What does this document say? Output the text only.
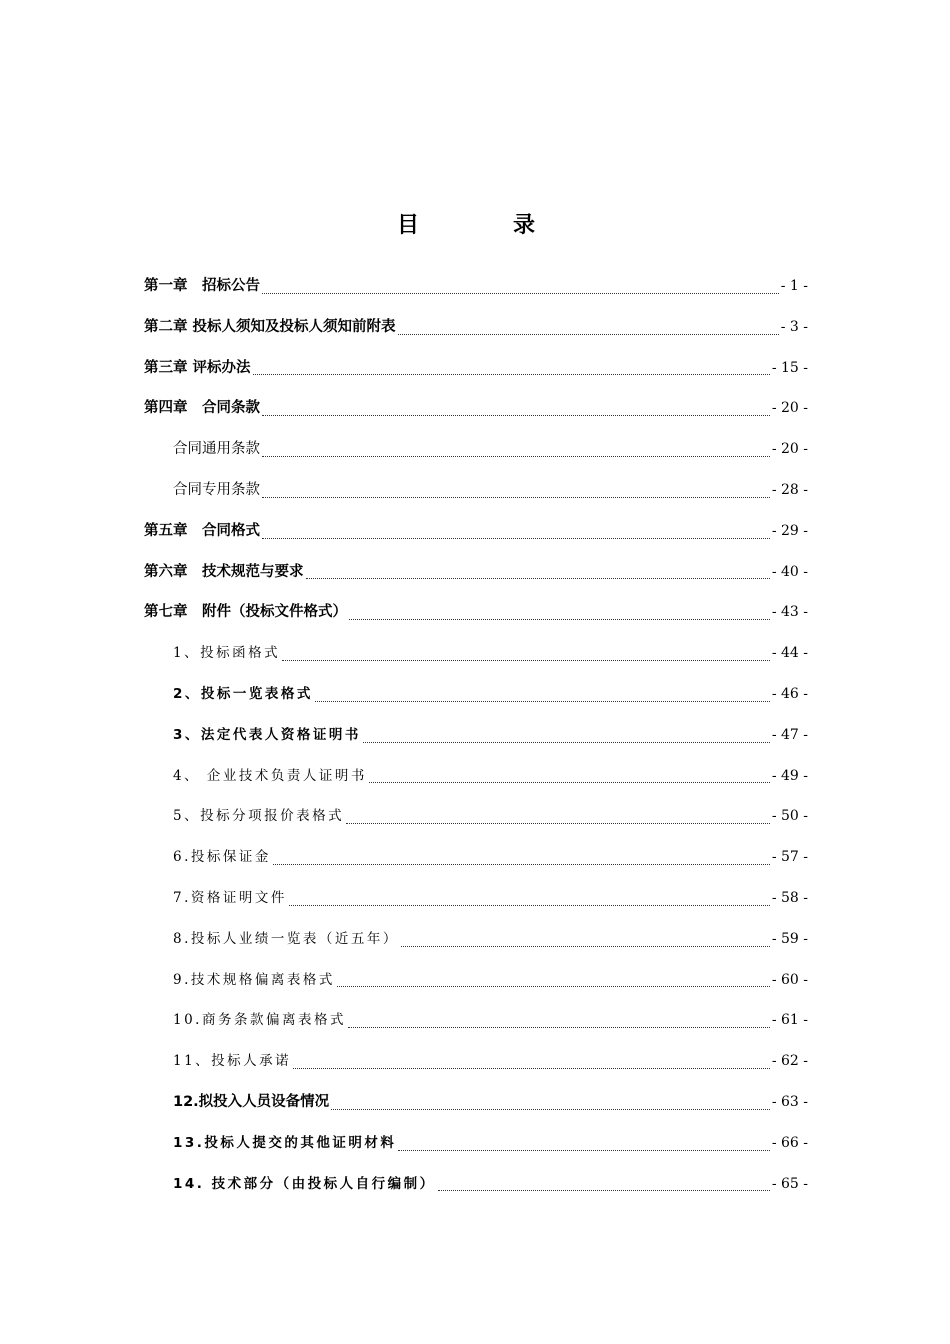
目　录
第一章　招标公告	- 1 -
第二章 投标人须知及投标人须知前附表	- 3 -
第三章 评标办法	- 15 -
第四章　合同条款	- 20 -
合同通用条款	- 20 -
合同专用条款	- 28 -
第五章　合同格式	- 29 -
第六章　技术规范与要求	- 40 -
第七章　附件（投标文件格式）	- 43 -
1、投标函格式	- 44 -
2、投标一览表格式	- 46 -
3、法定代表人资格证明书	- 47 -
4、 企业技术负责人证明书	- 49 -
5、投标分项报价表格式	- 50 -
6.投标保证金	- 57 -
7.资格证明文件	- 58 -
8.投标人业绩一览表（近五年）	- 59 -
9.技术规格偏离表格式	- 60 -
10.商务条款偏离表格式	- 61 -
11、投标人承诺	- 62 -
12.拟投入人员设备情况	- 63 -
13.投标人提交的其他证明材料	- 66 -
14. 技术部分（由投标人自行编制）	- 65 -
